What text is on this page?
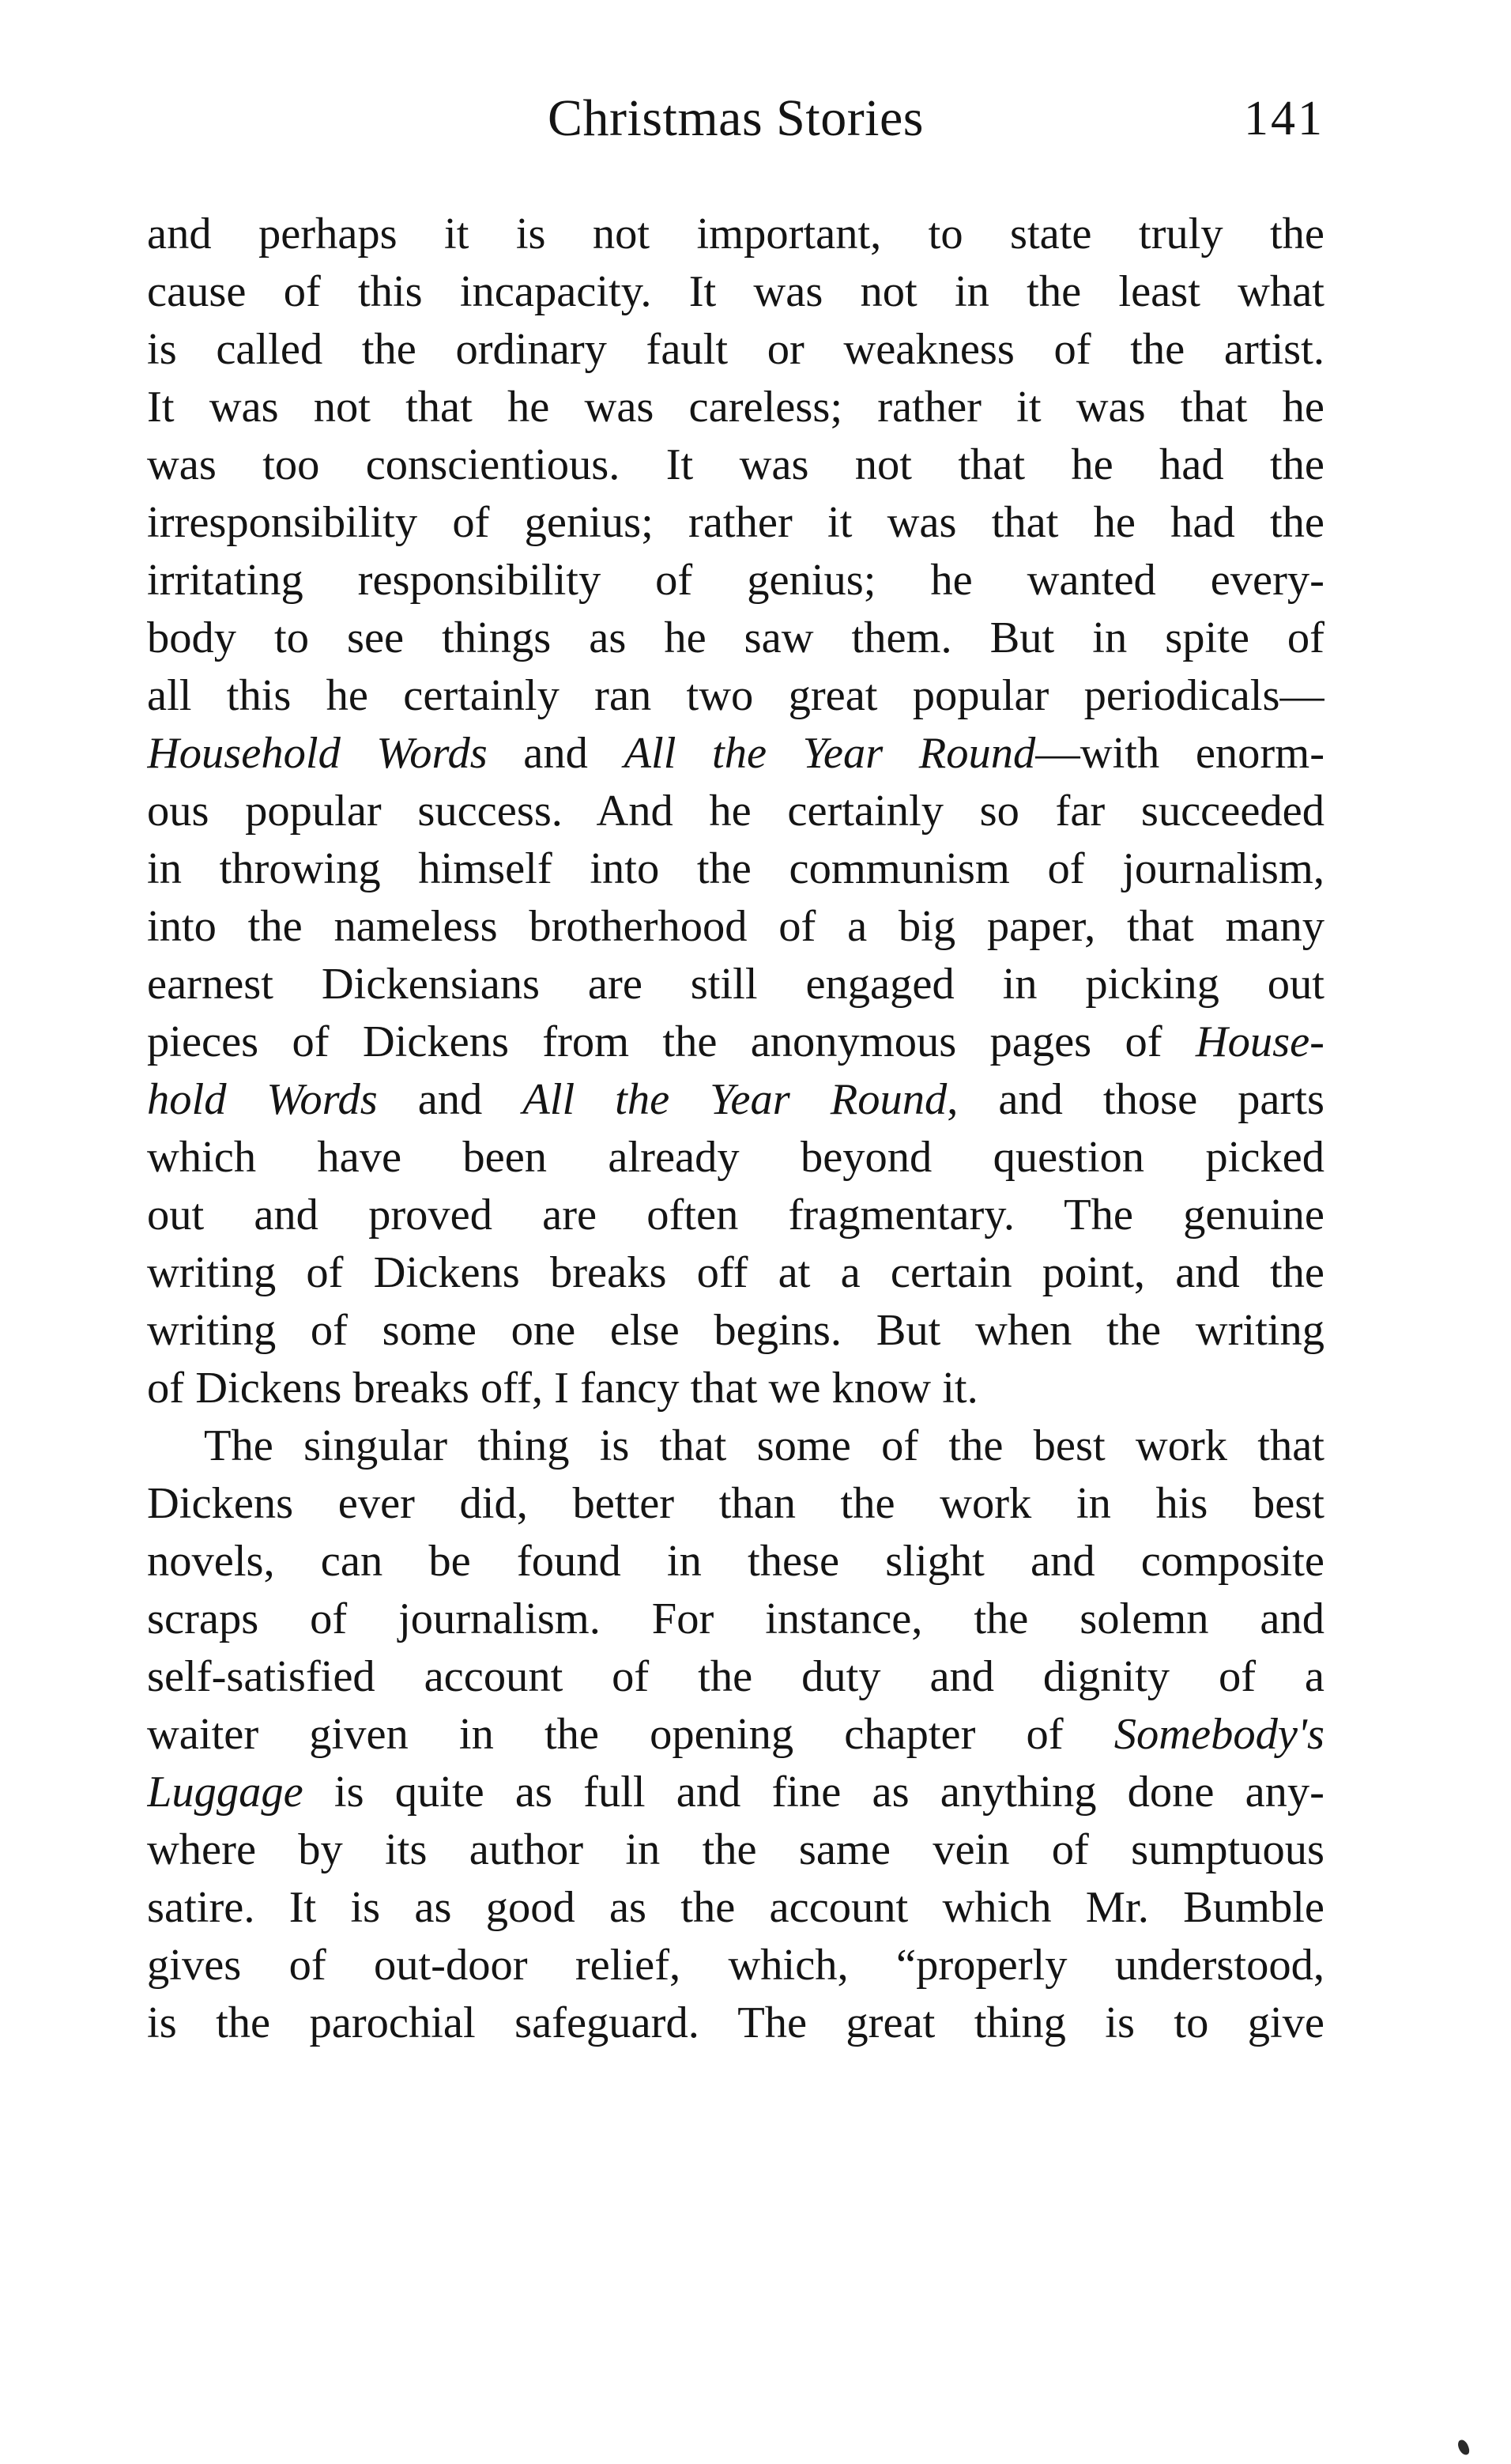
Christmas Stories	141
and perhaps it is not important, to state truly the
cause of this incapacity. It was not in the least what
is called the ordinary fault or weakness of the artist.
It was not that he was careless; rather it was that he
was too conscientious. It was not that he had the
irresponsibility of genius; rather it was that he had the
irritating responsibility of genius; he wanted every-
body to see things as he saw them. But in spite of
all this he certainly ran two great popular periodicals—
Household Words and All the Year Round—with enorm-
ous popular success. And he certainly so far succeeded
in throwing himself into the communism of journalism,
into the nameless brotherhood of a big paper, that many
earnest Dickensians are still engaged in picking out
pieces of Dickens from the anonymous pages of House-
hold Words and All the Year Round, and those parts
which have been already beyond question picked
out and proved are often fragmentary. The genuine
writing of Dickens breaks off at a certain point, and the
writing of some one else begins. But when the writing
of Dickens breaks off, I fancy that we know it.
The singular thing is that some of the best work that
Dickens ever did, better than the work in his best
novels, can be found in these slight and composite
scraps of journalism. For instance, the solemn and
self-satisfied account of the duty and dignity of a
waiter given in the opening chapter of Somebody's
Luggage is quite as full and fine as anything done any-
where by its author in the same vein of sumptuous
satire. It is as good as the account which Mr. Bumble
gives of out-door relief, which, “properly understood,
is the parochial safeguard. The great thing is to give
